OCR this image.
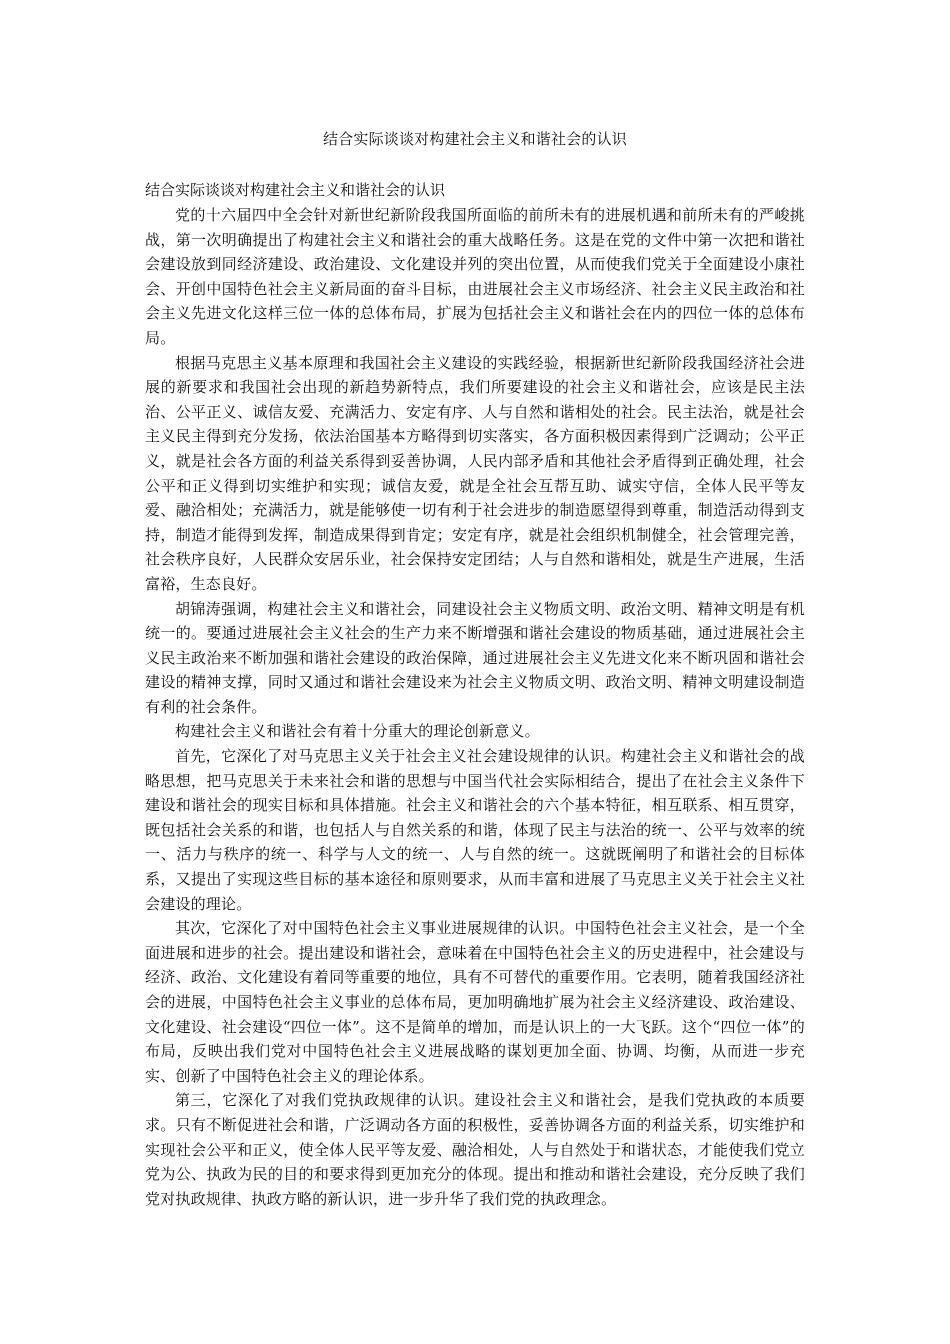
结合实际谈谈对构建社会主义和谐社会的认识

结合实际谈谈对构建社会主义和谐社会的认识

党的十六届四中全会针对新世纪新阶段我国所面临的前所未有的进展机遇和前所未有的严峻挑战，第一次明确提出了构建社会主义和谐社会的重大战略任务。这是在党的文件中第一次把和谐社会建设放到同经济建设、政治建设、文化建设并列的突出位置，从而使我们党关于全面建设小康社会、开创中国特色社会主义新局面的奋斗目标，由进展社会主义市场经济、社会主义民主政治和社会主义先进文化这样三位一体的总体布局，扩展为包括社会主义和谐社会在内的四位一体的总体布局。

根据马克思主义基本原理和我国社会主义建设的实践经验，根据新世纪新阶段我国经济社会进展的新要求和我国社会出现的新趋势新特点，我们所要建设的社会主义和谐社会，应该是民主法治、公平正义、诚信友爱、充满活力、安定有序、人与自然和谐相处的社会。民主法治，就是社会主义民主得到充分发扬，依法治国基本方略得到切实落实，各方面积极因素得到广泛调动；公平正义，就是社会各方面的利益关系得到妥善协调，人民内部矛盾和其他社会矛盾得到正确处理，社会公平和正义得到切实维护和实现；诚信友爱，就是全社会互帮互助、诚实守信，全体人民平等友爱、融洽相处；充满活力，就是能够使一切有利于社会进步的制造愿望得到尊重，制造活动得到支持，制造才能得到发挥，制造成果得到肯定；安定有序，就是社会组织机制健全，社会管理完善，社会秩序良好，人民群众安居乐业，社会保持安定团结；人与自然和谐相处，就是生产进展，生活富裕，生态良好。

胡锦涛强调，构建社会主义和谐社会，同建设社会主义物质文明、政治文明、精神文明是有机统一的。要通过进展社会主义社会的生产力来不断增强和谐社会建设的物质基础，通过进展社会主义民主政治来不断加强和谐社会建设的政治保障，通过进展社会主义先进文化来不断巩固和谐社会建设的精神支撑，同时又通过和谐社会建设来为社会主义物质文明、政治文明、精神文明建设制造有利的社会条件。

构建社会主义和谐社会有着十分重大的理论创新意义。

首先，它深化了对马克思主义关于社会主义社会建设规律的认识。构建社会主义和谐社会的战略思想，把马克思关于未来社会和谐的思想与中国当代社会实际相结合，提出了在社会主义条件下建设和谐社会的现实目标和具体措施。社会主义和谐社会的六个基本特征，相互联系、相互贯穿，既包括社会关系的和谐，也包括人与自然关系的和谐，体现了民主与法治的统一、公平与效率的统一、活力与秩序的统一、科学与人文的统一、人与自然的统一。这就既阐明了和谐社会的目标体系，又提出了实现这些目标的基本途径和原则要求，从而丰富和进展了马克思主义关于社会主义社会建设的理论。

其次，它深化了对中国特色社会主义事业进展规律的认识。中国特色社会主义社会，是一个全面进展和进步的社会。提出建设和谐社会，意味着在中国特色社会主义的历史进程中，社会建设与经济、政治、文化建设有着同等重要的地位，具有不可替代的重要作用。它表明，随着我国经济社会的进展，中国特色社会主义事业的总体布局，更加明确地扩展为社会主义经济建设、政治建设、文化建设、社会建设“四位一体”。这不是简单的增加，而是认识上的一大飞跃。这个“四位一体”的布局，反映出我们党对中国特色社会主义进展战略的谋划更加全面、协调、均衡，从而进一步充实、创新了中国特色社会主义的理论体系。

第三，它深化了对我们党执政规律的认识。建设社会主义和谐社会，是我们党执政的本质要求。只有不断促进社会和谐，广泛调动各方面的积极性，妥善协调各方面的利益关系，切实维护和实现社会公平和正义，使全体人民平等友爱、融洽相处，人与自然处于和谐状态，才能使我们党立党为公、执政为民的目的和要求得到更加充分的体现。提出和推动和谐社会建设，充分反映了我们党对执政规律、执政方略的新认识，进一步升华了我们党的执政理念。
